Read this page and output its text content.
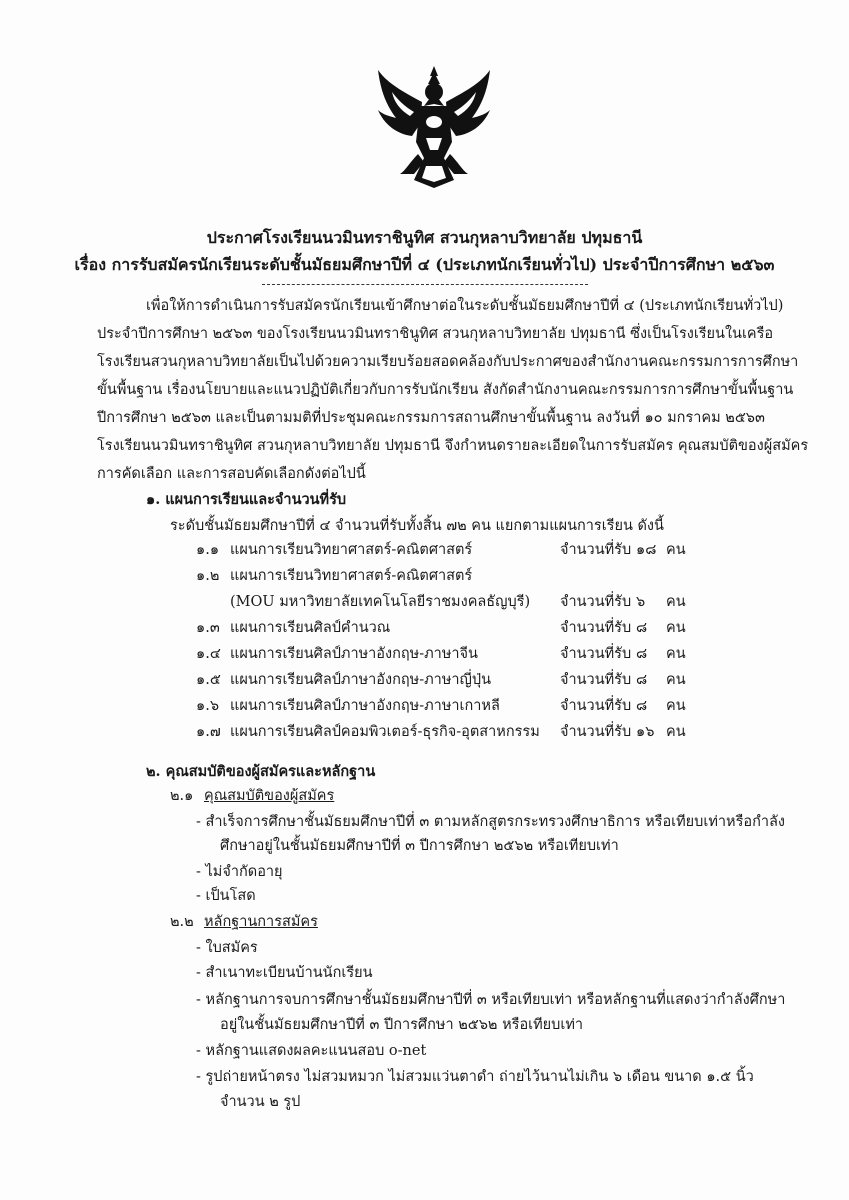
ประกาศโรงเรียนนวมินทราชินูทิศ สวนกุหลาบวิทยาลัย ปทุมธานี
เรื่อง การรับสมัครนักเรียนระดับชั้นมัธยมศึกษาปีที่ ๔ (ประเภทนักเรียนทั่วไป) ประจำปีการศึกษา ๒๕๖๓
เพื่อให้การดำเนินการรับสมัครนักเรียนเข้าศึกษาต่อในระดับชั้นมัธยมศึกษาปีที่ ๔ (ประเภทนักเรียนทั่วไป)
ประจำปีการศึกษา ๒๕๖๓ ของโรงเรียนนวมินทราชินูทิศ สวนกุหลาบวิทยาลัย ปทุมธานี ซึ่งเป็นโรงเรียนในเครือ
โรงเรียนสวนกุหลาบวิทยาลัยเป็นไปด้วยความเรียบร้อยสอดคล้องกับประกาศของสำนักงานคณะกรรมการการศึกษา
ขั้นพื้นฐาน เรื่องนโยบายและแนวปฏิบัติเกี่ยวกับการรับนักเรียน สังกัดสำนักงานคณะกรรมการการศึกษาขั้นพื้นฐาน
ปีการศึกษา ๒๕๖๓ และเป็นตามมติที่ประชุมคณะกรรมการสถานศึกษาขั้นพื้นฐาน ลงวันที่ ๑๐ มกราคม ๒๕๖๓
โรงเรียนนวมินทราชินูทิศ สวนกุหลาบวิทยาลัย ปทุมธานี จึงกำหนดรายละเอียดในการรับสมัคร คุณสมบัติของผู้สมัคร
การคัดเลือก และการสอบคัดเลือกดังต่อไปนี้
๑. แผนการเรียนและจำนวนที่รับ
ระดับชั้นมัธยมศึกษาปีที่ ๔ จำนวนที่รับทั้งสิ้น ๗๒ คน แยกตามแผนการเรียน ดังนี้
๑.๑ แผนการเรียนวิทยาศาสตร์-คณิตศาสตร์	จำนวนที่รับ ๑๘ คน
๑.๒ แผนการเรียนวิทยาศาสตร์-คณิตศาสตร์
(MOU มหาวิทยาลัยเทคโนโลยีราชมงคลธัญบุรี) จำนวนที่รับ ๖ คน
๑.๓ แผนการเรียนศิลป์คำนวณ	จำนวนที่รับ ๘ คน
๑.๔ แผนการเรียนศิลป์ภาษาอังกฤษ-ภาษาจีน	จำนวนที่รับ ๘ คน
๑.๕ แผนการเรียนศิลป์ภาษาอังกฤษ-ภาษาญี่ปุ่น	จำนวนที่รับ ๘ คน
๑.๖ แผนการเรียนศิลป์ภาษาอังกฤษ-ภาษาเกาหลี	จำนวนที่รับ ๘ คน
๑.๗ แผนการเรียนศิลป์คอมพิวเตอร์-ธุรกิจ-อุตสาหกรรม จำนวนที่รับ ๑๖ คน
๒. คุณสมบัติของผู้สมัครและหลักฐาน
๒.๑ คุณสมบัติของผู้สมัคร
- สำเร็จการศึกษาชั้นมัธยมศึกษาปีที่ ๓ ตามหลักสูตรกระทรวงศึกษาธิการ หรือเทียบเท่าหรือกำลัง
ศึกษาอยู่ในชั้นมัธยมศึกษาปีที่ ๓ ปีการศึกษา ๒๕๖๒ หรือเทียบเท่า
- ไม่จำกัดอายุ
- เป็นโสด
๒.๒ หลักฐานการสมัคร
- ใบสมัคร
- สำเนาทะเบียนบ้านนักเรียน
- หลักฐานการจบการศึกษาชั้นมัธยมศึกษาปีที่ ๓ หรือเทียบเท่า หรือหลักฐานที่แสดงว่ากำลังศึกษา
อยู่ในชั้นมัธยมศึกษาปีที่ ๓ ปีการศึกษา ๒๕๖๒ หรือเทียบเท่า
- หลักฐานแสดงผลคะแนนสอบ o-net
- รูปถ่ายหน้าตรง ไม่สวมหมวก ไม่สวมแว่นตาดำ ถ่ายไว้นานไม่เกิน ๖ เดือน ขนาด ๑.๕ นิ้ว
จำนวน ๒ รูป
